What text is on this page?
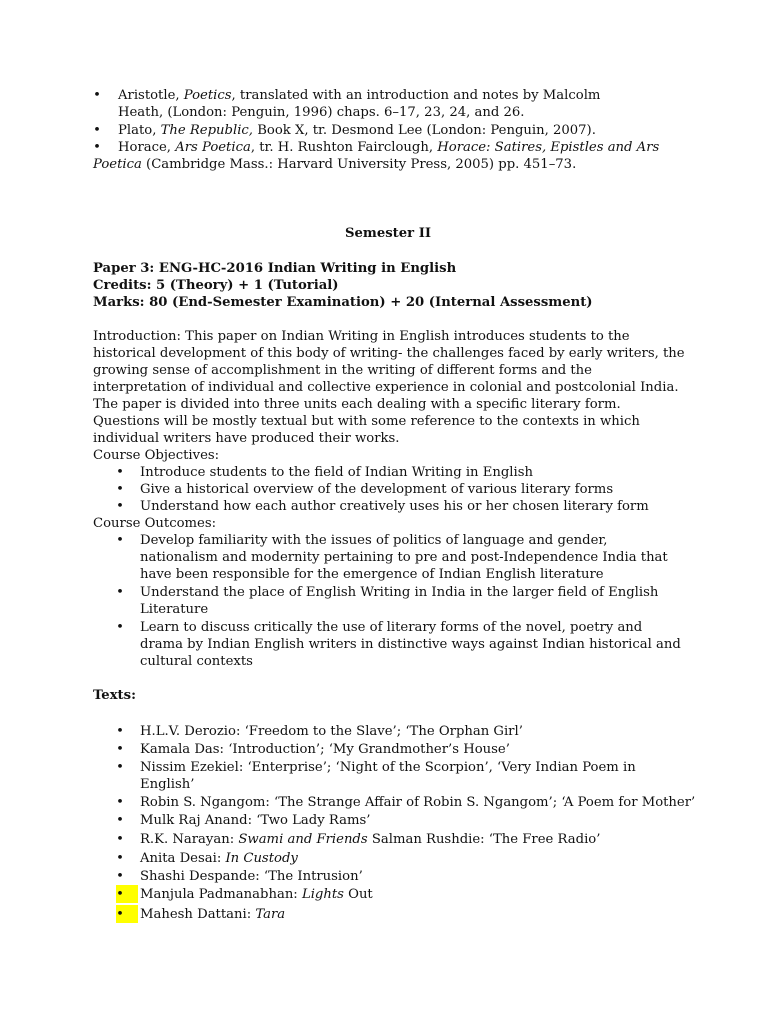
• Aristotle, Poetics, translated with an introduction and notes by Malcolm
Heath, (London: Penguin, 1996) chaps. 6–17, 23, 24, and 26.
• Plato, The Republic, Book X, tr. Desmond Lee (London: Penguin, 2007).
• Horace, Ars Poetica, tr. H. Rushton Fairclough, Horace: Satires, Epistles and Ars
Poetica (Cambridge Mass.: Harvard University Press, 2005) pp. 451–73.
Semester II
Paper 3: ENG-HC-2016 Indian Writing in English
Credits: 5 (Theory) + 1 (Tutorial)
Marks: 80 (End-Semester Examination) + 20 (Internal Assessment)
Introduction: This paper on Indian Writing in English introduces students to the
historical development of this body of writing- the challenges faced by early writers, the
growing sense of accomplishment in the writing of different forms and the
interpretation of individual and collective experience in colonial and postcolonial India.
The paper is divided into three units each dealing with a specific literary form.
Questions will be mostly textual but with some reference to the contexts in which
individual writers have produced their works.
Course Objectives:
• Introduce students to the field of Indian Writing in English
• Give a historical overview of the development of various literary forms
• Understand how each author creatively uses his or her chosen literary form
Course Outcomes:
• Develop familiarity with the issues of politics of language and gender,
nationalism and modernity pertaining to pre and post-Independence India that
have been responsible for the emergence of Indian English literature
• Understand the place of English Writing in India in the larger field of English
Literature
• Learn to discuss critically the use of literary forms of the novel, poetry and
drama by Indian English writers in distinctive ways against Indian historical and
cultural contexts
Texts:
• H.L.V. Derozio: ‘Freedom to the Slave’; ‘The Orphan Girl’
• Kamala Das: ‘Introduction’; ‘My Grandmother’s House’
• Nissim Ezekiel: ‘Enterprise’; ‘Night of the Scorpion’, ‘Very Indian Poem in
English’
• Robin S. Ngangom: ‘The Strange Affair of Robin S. Ngangom’; ‘A Poem for Mother’
• Mulk Raj Anand: ‘Two Lady Rams’
• R.K. Narayan: Swami and Friends Salman Rushdie: ‘The Free Radio’
• Anita Desai: In Custody
• Shashi Despande: ‘The Intrusion’
• Manjula Padmanabhan: Lights Out
• Mahesh Dattani: Tara
